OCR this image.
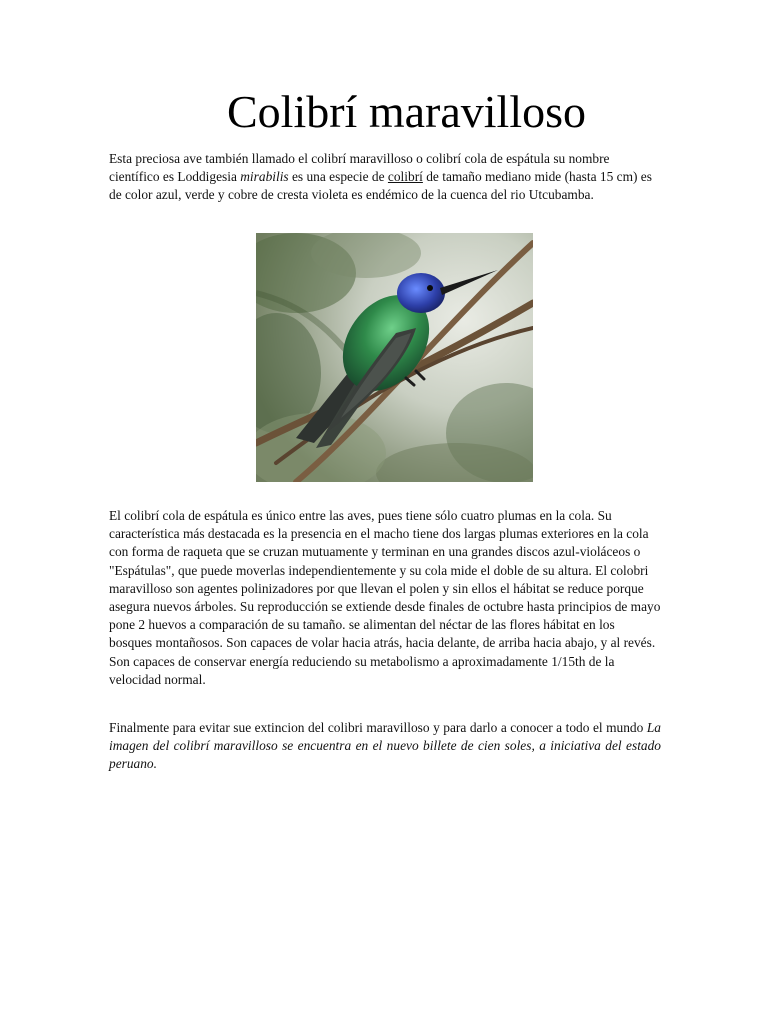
Colibrí maravilloso

Esta preciosa ave también llamado el colibrí maravilloso o colibrí cola de espátula su nombre científico es Loddigesia mirabilis es una especie de colibrí de tamaño mediano mide (hasta 15 cm) es de color azul, verde y cobre de cresta violeta es endémico de la cuenca del rio Utcubamba.

El colibrí cola de espátula es único entre las aves, pues tiene sólo cuatro plumas en la cola. Su característica más destacada es la presencia en el macho tiene dos largas plumas exteriores en la cola con forma de raqueta que se cruzan mutuamente y terminan en una grandes discos azul-violáceos o "Espátulas", que puede moverlas independientemente y su cola mide el doble de su altura. El colobri maravilloso son agentes polinizadores por que llevan el polen y sin ellos el hábitat se reduce porque asegura nuevos árboles. Su reproducción se extiende desde finales de octubre hasta principios de mayo pone 2 huevos a comparación de su tamaño. se alimentan del néctar de las flores hábitat en los bosques montañosos. Son capaces de volar hacia atrás, hacia delante, de arriba hacia abajo, y al revés. Son capaces de conservar energía reduciendo su metabolismo a aproximadamente 1/15th de la velocidad normal.

Finalmente para evitar sue extincion del colibri maravilloso y para darlo a conocer a todo el mundo La imagen del colibrí maravilloso se encuentra en el nuevo billete de cien soles, a iniciativa del estado peruano.
